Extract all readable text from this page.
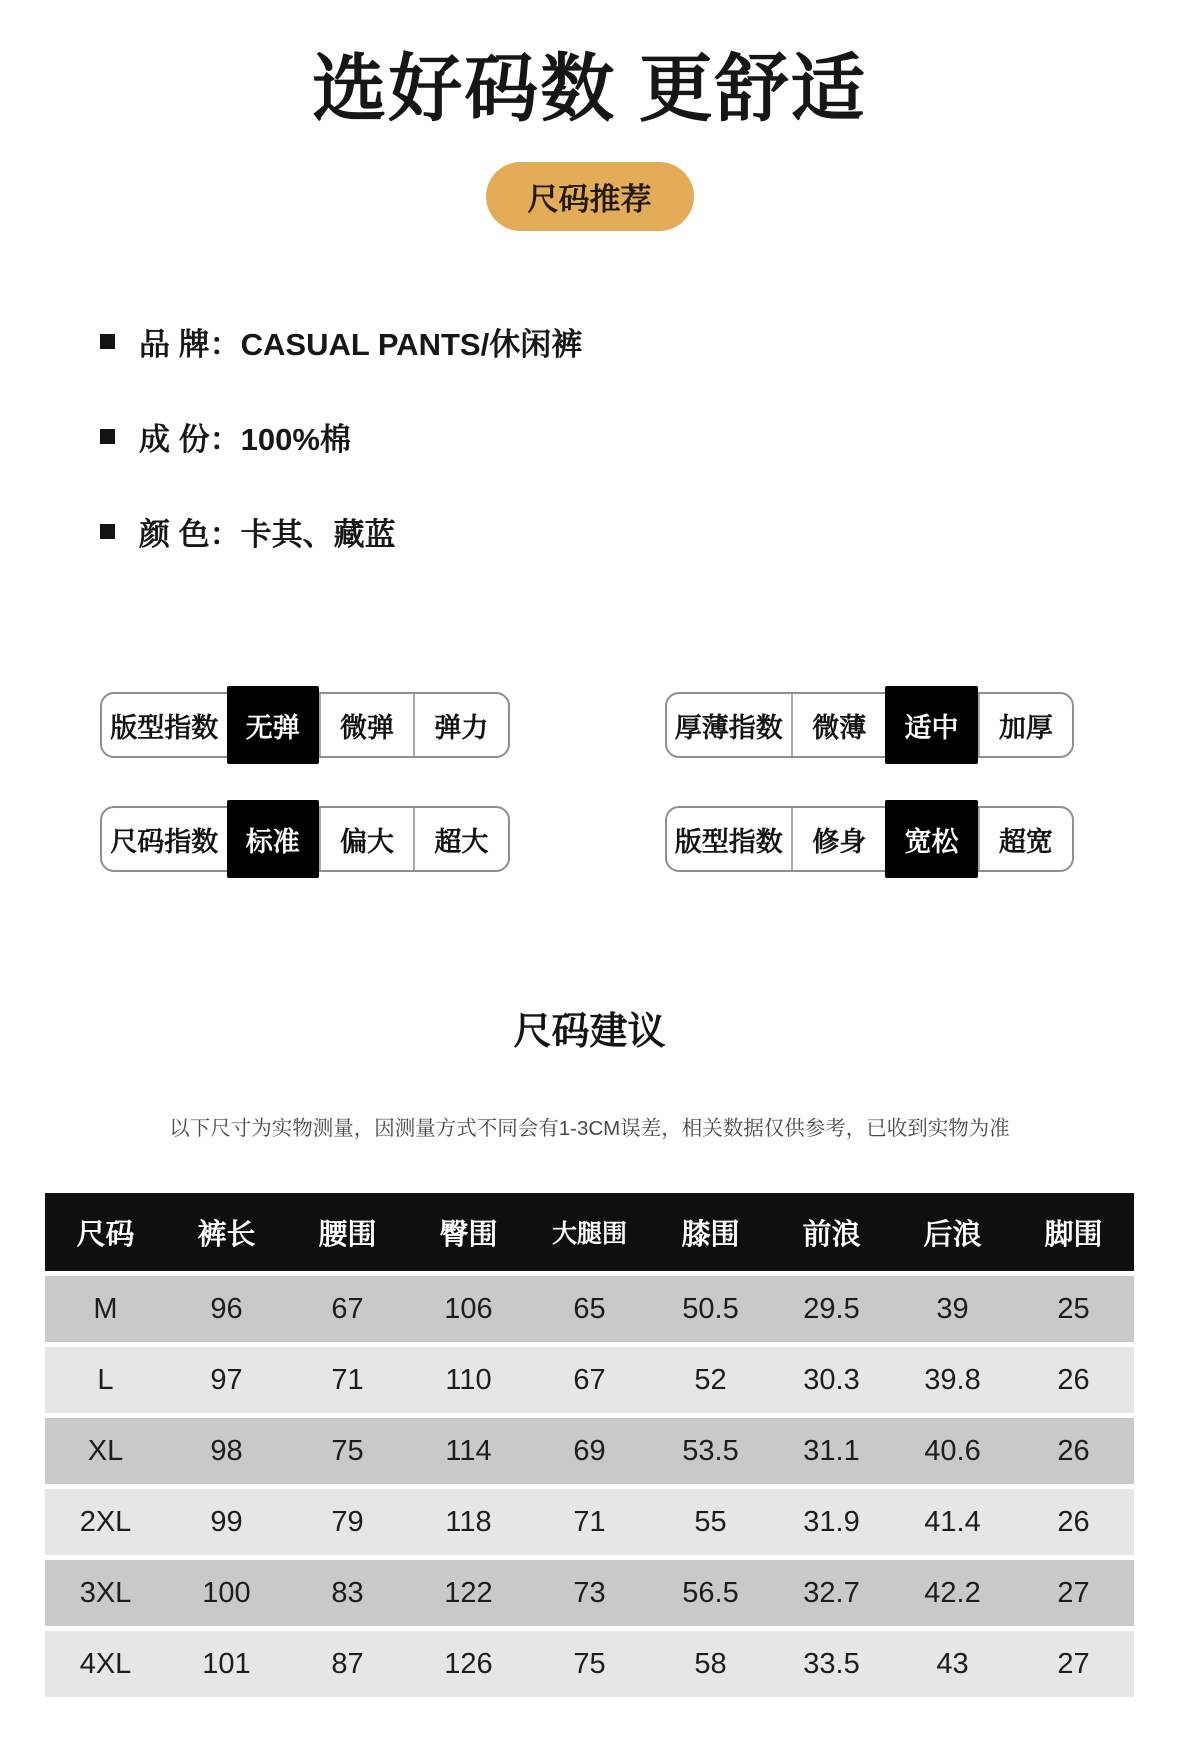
选好码数 更舒适
尺码推荐
品 牌：CASUAL PANTS/休闲裤
成 份：100%棉
颜 色：卡其、藏蓝
版型指数	无弹	微弹	弹力	厚薄指数	微薄	适中	加厚
尺码指数	标准	偏大	超大	版型指数	修身	宽松	超宽
尺码建议
以下尺寸为实物测量，因测量方式不同会有1-3CM误差，相关数据仅供参考，已收到实物为准
尺码	裤长	腰围	臀围	大腿围	膝围	前浪	后浪	脚围
M	96	67	106	65	50.5	29.5	39	25
L	97	71	110	67	52	30.3	39.8	26
XL	98	75	114	69	53.5	31.1	40.6	26
2XL	99	79	118	71	55	31.9	41.4	26
3XL	100	83	122	73	56.5	32.7	42.2	27
4XL	101	87	126	75	58	33.5	43	27
